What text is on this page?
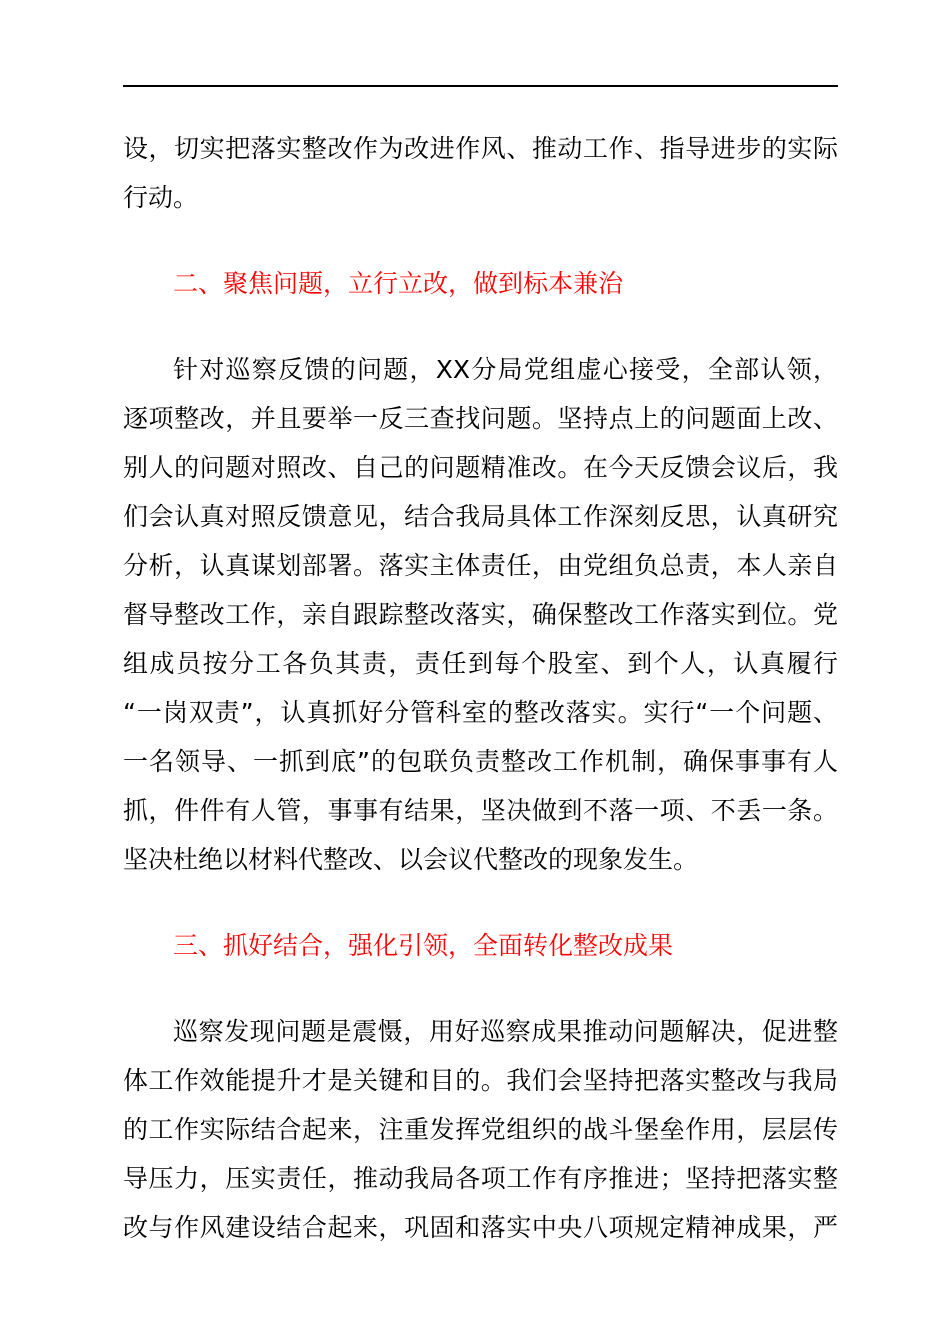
设，切实把落实整改作为改进作风、推动工作、指导进步的实际
行动。
二、聚焦问题，立行立改，做到标本兼治
针对巡察反馈的问题，XX分局党组虚心接受，全部认领，
逐项整改，并且要举一反三查找问题。坚持点上的问题面上改、
别人的问题对照改、自己的问题精准改。在今天反馈会议后，我
们会认真对照反馈意见，结合我局具体工作深刻反思，认真研究
分析，认真谋划部署。落实主体责任，由党组负总责，本人亲自
督导整改工作，亲自跟踪整改落实，确保整改工作落实到位。党
组成员按分工各负其责，责任到每个股室、到个人，认真履行
“一岗双责”，认真抓好分管科室的整改落实。实行“一个问题、
一名领导、一抓到底”的包联负责整改工作机制，确保事事有人
抓，件件有人管，事事有结果，坚决做到不落一项、不丢一条。
坚决杜绝以材料代整改、以会议代整改的现象发生。
三、抓好结合，强化引领，全面转化整改成果
巡察发现问题是震慑，用好巡察成果推动问题解决，促进整
体工作效能提升才是关键和目的。我们会坚持把落实整改与我局
的工作实际结合起来，注重发挥党组织的战斗堡垒作用，层层传
导压力，压实责任，推动我局各项工作有序推进；坚持把落实整
改与作风建设结合起来，巩固和落实中央八项规定精神成果，严
